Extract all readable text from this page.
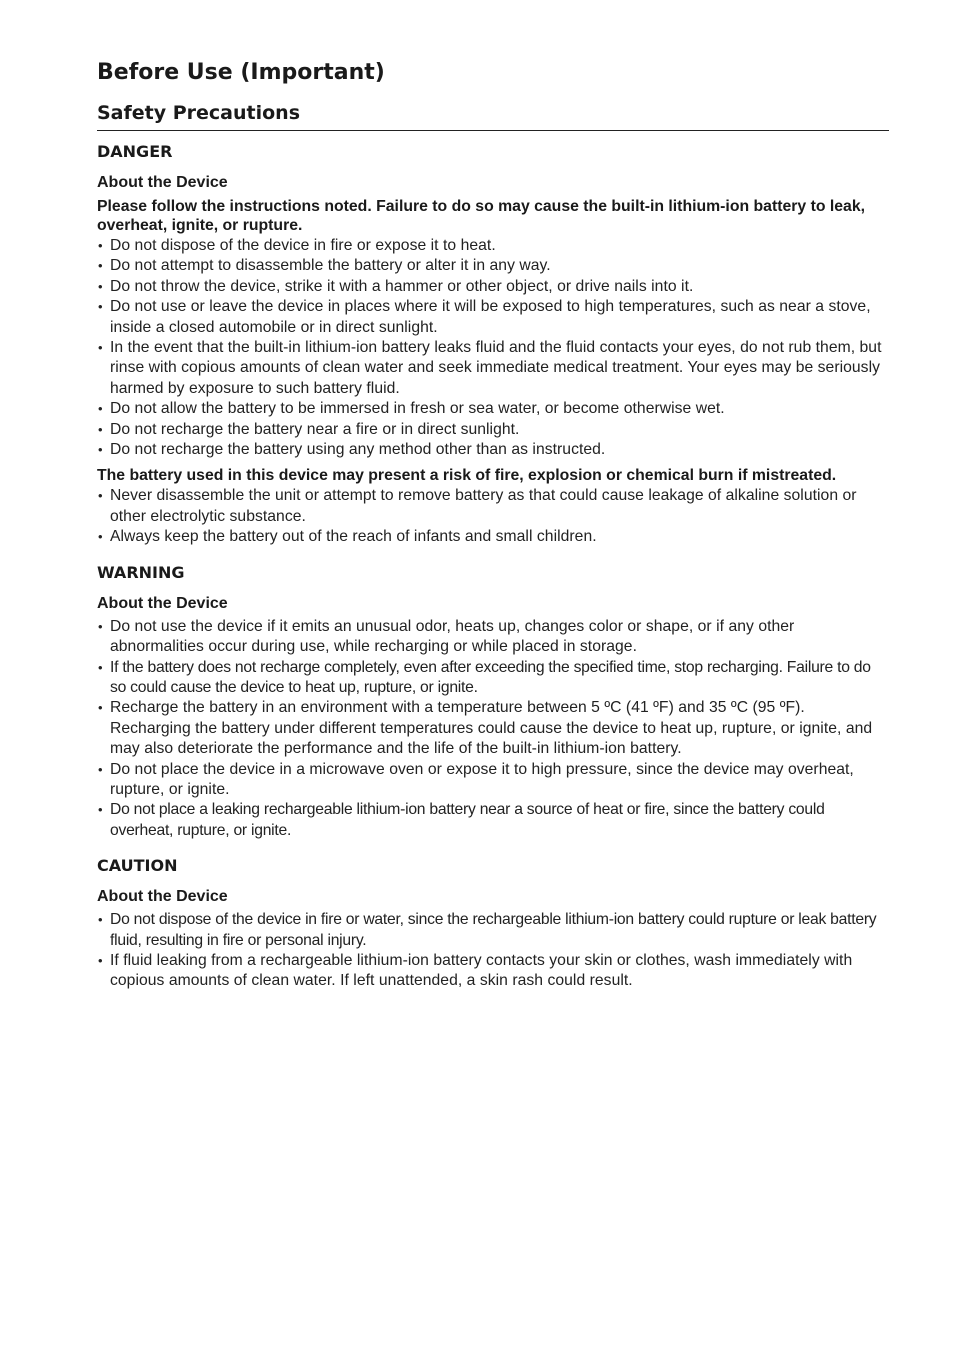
Before Use (Important)
Safety Precautions
DANGER
About the Device
Please follow the instructions noted. Failure to do so may cause the built-in lithium-ion battery to leak, overheat, ignite, or rupture.
• Do not dispose of the device in fire or expose it to heat.
• Do not attempt to disassemble the battery or alter it in any way.
• Do not throw the device, strike it with a hammer or other object, or drive nails into it.
• Do not use or leave the device in places where it will be exposed to high temperatures, such as near a stove, inside a closed automobile or in direct sunlight.
• In the event that the built-in lithium-ion battery leaks fluid and the fluid contacts your eyes, do not rub them, but rinse with copious amounts of clean water and seek immediate medical treatment. Your eyes may be seriously harmed by exposure to such battery fluid.
• Do not allow the battery to be immersed in fresh or sea water, or become otherwise wet.
• Do not recharge the battery near a fire or in direct sunlight.
• Do not recharge the battery using any method other than as instructed.
The battery used in this device may present a risk of fire, explosion or chemical burn if mistreated.
• Never disassemble the unit or attempt to remove battery as that could cause leakage of alkaline solution or other electrolytic substance.
• Always keep the battery out of the reach of infants and small children.
WARNING
About the Device
• Do not use the device if it emits an unusual odor, heats up, changes color or shape, or if any other abnormalities occur during use, while recharging or while placed in storage.
• If the battery does not recharge completely, even after exceeding the specified time, stop recharging. Failure to do so could cause the device to heat up, rupture, or ignite.
• Recharge the battery in an environment with a temperature between 5 ºC (41 ºF) and 35 ºC (95 ºF). Recharging the battery under different temperatures could cause the device to heat up, rupture, or ignite, and may also deteriorate the performance and the life of the built-in lithium-ion battery.
• Do not place the device in a microwave oven or expose it to high pressure, since the device may overheat, rupture, or ignite.
• Do not place a leaking rechargeable lithium-ion battery near a source of heat or fire, since the battery could overheat, rupture, or ignite.
CAUTION
About the Device
• Do not dispose of the device in fire or water, since the rechargeable lithium-ion battery could rupture or leak battery fluid, resulting in fire or personal injury.
• If fluid leaking from a rechargeable lithium-ion battery contacts your skin or clothes, wash immediately with copious amounts of clean water. If left unattended, a skin rash could result.
